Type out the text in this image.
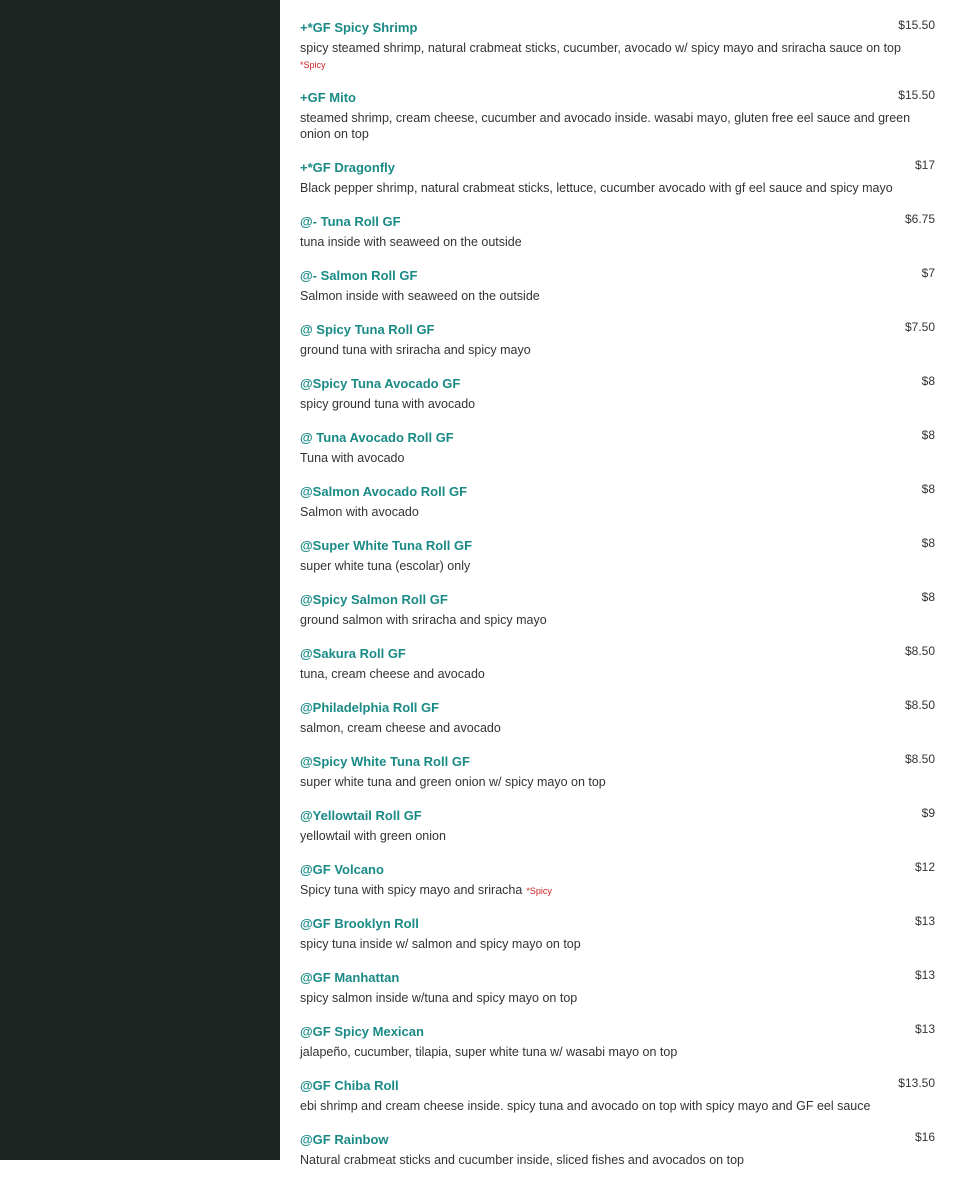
+*GF Spicy Shrimp	$15.50
spicy steamed shrimp, natural crabmeat sticks, cucumber, avocado w/ spicy mayo and sriracha sauce on top
*Spicy
+GF Mito	$15.50
steamed shrimp, cream cheese, cucumber and avocado inside. wasabi mayo, gluten free eel sauce and green onion on top
+*GF Dragonfly	$17
Black pepper shrimp, natural crabmeat sticks, lettuce, cucumber avocado with gf eel sauce and spicy mayo
@- Tuna Roll GF	$6.75
tuna inside with seaweed on the outside
@- Salmon Roll GF	$7
Salmon inside with seaweed on the outside
@ Spicy Tuna Roll GF	$7.50
ground tuna with sriracha and spicy mayo
@Spicy Tuna Avocado GF	$8
spicy ground tuna with avocado
@ Tuna Avocado Roll GF	$8
Tuna with avocado
@Salmon Avocado Roll GF	$8
Salmon with avocado
@Super White Tuna Roll GF	$8
super white tuna (escolar) only
@Spicy Salmon Roll GF	$8
ground salmon with sriracha and spicy mayo
@Sakura Roll GF	$8.50
tuna, cream cheese and avocado
@Philadelphia Roll GF	$8.50
salmon, cream cheese and avocado
@Spicy White Tuna Roll GF	$8.50
super white tuna and green onion w/ spicy mayo on top
@Yellowtail Roll GF	$9
yellowtail with green onion
@GF Volcano	$12
Spicy tuna with spicy mayo and sriracha *Spicy
@GF Brooklyn Roll	$13
spicy tuna inside w/ salmon and spicy mayo on top
@GF Manhattan	$13
spicy salmon inside w/tuna and spicy mayo on top
@GF Spicy Mexican	$13
jalapeño, cucumber, tilapia, super white tuna w/ wasabi mayo on top
@GF Chiba Roll	$13.50
ebi shrimp and cream cheese inside. spicy tuna and avocado on top with spicy mayo and GF eel sauce
@GF Rainbow	$16
Natural crabmeat sticks and cucumber inside, sliced fishes and avocados on top
